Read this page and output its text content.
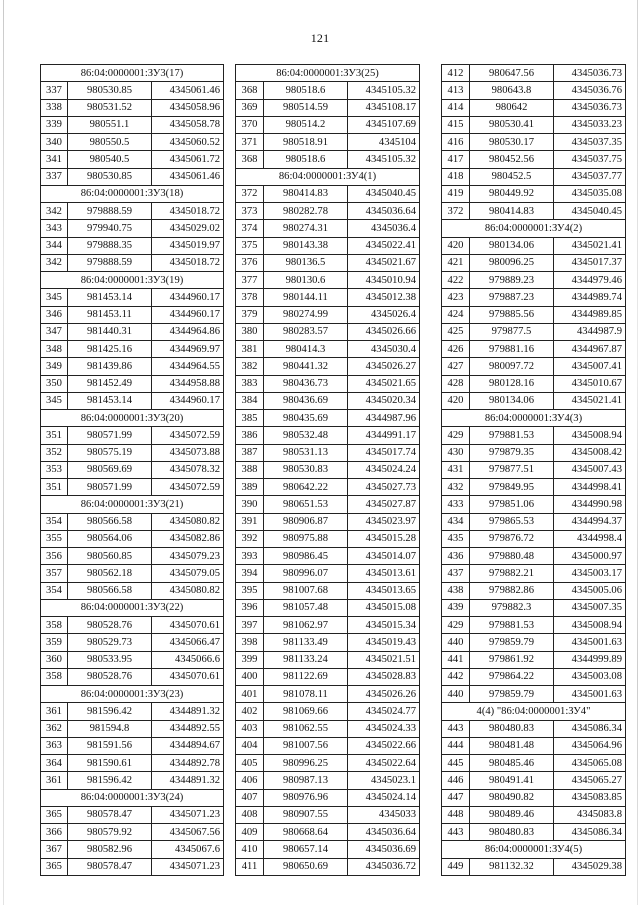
121
86:04:0000001:ЗУ3(17)		
337	980530.85	4345061.46
338	980531.52	4345058.96
339	980551.1	4345058.78
340	980550.5	4345060.52
341	980540.5	4345061.72
337	980530.85	4345061.46
86:04:0000001:ЗУ3(18)		
342	979888.59	4345018.72
343	979940.75	4345029.02
344	979888.35	4345019.97
342	979888.59	4345018.72
86:04:0000001:ЗУ3(19)		
345	981453.14	4344960.17
346	981453.11	4344960.17
347	981440.31	4344964.86
348	981425.16	4344969.97
349	981439.86	4344964.55
350	981452.49	4344958.88
345	981453.14	4344960.17
86:04:0000001:ЗУ3(20)		
351	980571.99	4345072.59
352	980575.19	4345073.88
353	980569.69	4345078.32
351	980571.99	4345072.59
86:04:0000001:ЗУ3(21)		
354	980566.58	4345080.82
355	980564.06	4345082.86
356	980560.85	4345079.23
357	980562.18	4345079.05
354	980566.58	4345080.82
86:04:0000001:ЗУ3(22)		
358	980528.76	4345070.61
359	980529.73	4345066.47
360	980533.95	4345066.6
358	980528.76	4345070.61
86:04:0000001:ЗУ3(23)		
361	981596.42	4344891.32
362	981594.8	4344892.55
363	981591.56	4344894.67
364	981590.61	4344892.78
361	981596.42	4344891.32
86:04:0000001:ЗУ3(24)		
365	980578.47	4345071.23
366	980579.92	4345067.56
367	980582.96	4345067.6
365	980578.47	4345071.23
86:04:0000001:ЗУ3(25)		
368	980518.6	4345105.32
369	980514.59	4345108.17
370	980514.2	4345107.69
371	980518.91	4345104
368	980518.6	4345105.32
86:04:0000001:ЗУ4(1)		
372	980414.83	4345040.45
373	980282.78	4345036.64
374	980274.31	4345036.4
375	980143.38	4345022.41
376	980136.5	4345021.67
377	980130.6	4345010.94
378	980144.11	4345012.38
379	980274.99	4345026.4
380	980283.57	4345026.66
381	980414.3	4345030.4
382	980441.32	4345026.27
383	980436.73	4345021.65
384	980436.69	4345020.34
385	980435.69	4344987.96
386	980532.48	4344991.17
387	980531.13	4345017.74
388	980530.83	4345024.24
389	980642.22	4345027.73
390	980651.53	4345027.87
391	980906.87	4345023.97
392	980975.88	4345015.28
393	980986.45	4345014.07
394	980996.07	4345013.61
395	981007.68	4345013.65
396	981057.48	4345015.08
397	981062.97	4345015.34
398	981133.49	4345019.43
399	981133.24	4345021.51
400	981122.69	4345028.83
401	981078.11	4345026.26
402	981069.66	4345024.77
403	981062.55	4345024.33
404	981007.56	4345022.66
405	980996.25	4345022.64
406	980987.13	4345023.1
407	980976.96	4345024.14
408	980907.55	4345033
409	980668.64	4345036.64
410	980657.14	4345036.69
411	980650.69	4345036.72
412	980647.56	4345036.73
413	980643.8	4345036.76
414	980642	4345036.73
415	980530.41	4345033.23
416	980530.17	4345037.35
417	980452.56	4345037.75
418	980452.5	4345037.77
419	980449.92	4345035.08
372	980414.83	4345040.45
86:04:0000001:ЗУ4(2)		
420	980134.06	4345021.41
421	980096.25	4345017.37
422	979889.23	4344979.46
423	979887.23	4344989.74
424	979885.56	4344989.85
425	979877.5	4344987.9
426	979881.16	4344967.87
427	980097.72	4345007.41
428	980128.16	4345010.67
420	980134.06	4345021.41
86:04:0000001:ЗУ4(3)		
429	979881.53	4345008.94
430	979879.35	4345008.42
431	979877.51	4345007.43
432	979849.95	4344998.41
433	979851.06	4344990.98
434	979865.53	4344994.37
435	979876.72	4344998.4
436	979880.48	4345000.97
437	979882.21	4345003.17
438	979882.86	4345005.06
439	979882.3	4345007.35
429	979881.53	4345008.94
440	979859.79	4345001.63
441	979861.92	4344999.89
442	979864.22	4345003.08
440	979859.79	4345001.63
4(4) "86:04:0000001:ЗУ4"		
443	980480.83	4345086.34
444	980481.48	4345064.96
445	980485.46	4345065.08
446	980491.41	4345065.27
447	980490.82	4345083.85
448	980489.46	4345083.8
443	980480.83	4345086.34
86:04:0000001:ЗУ4(5)		
449	981132.32	4345029.38
